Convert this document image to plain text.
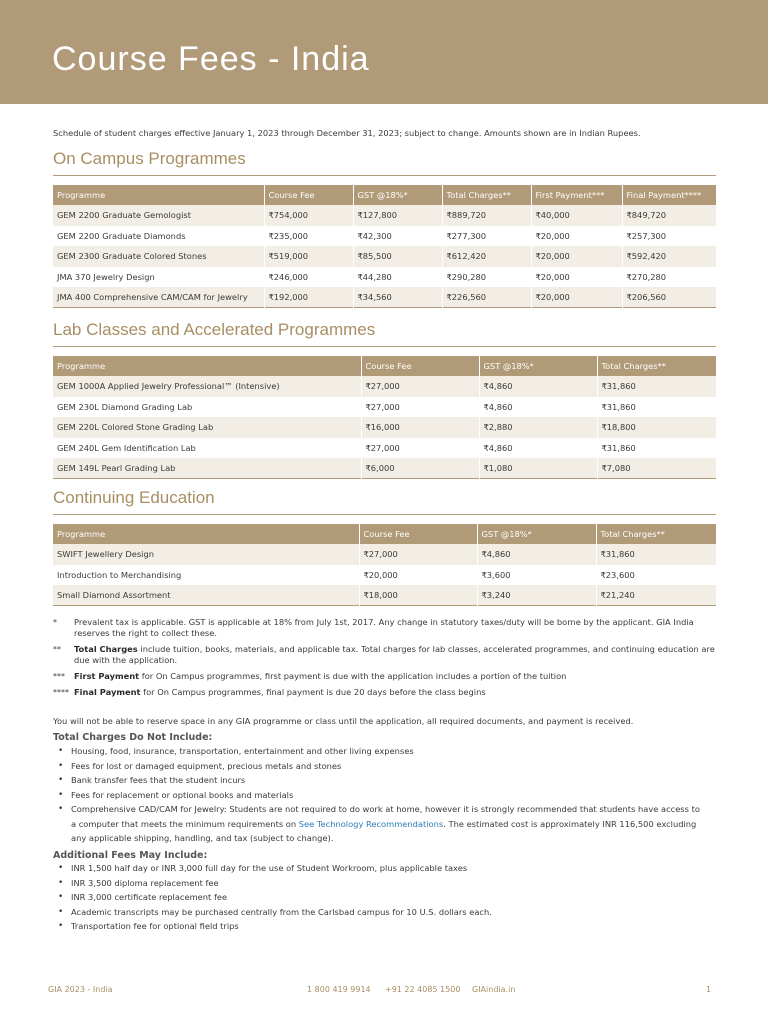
Course Fees - India
Schedule of student charges effective January 1, 2023 through December 31, 2023; subject to change. Amounts shown are in Indian Rupees.
On Campus Programmes
Programme	Course Fee	GST @18%*	Total Charges**	First Payment***	Final Payment****
GEM 2200 Graduate Gemologist	₹754,000	₹127,800	₹889,720	₹40,000	₹849,720
GEM 2200 Graduate Diamonds	₹235,000	₹42,300	₹277,300	₹20,000	₹257,300
GEM 2300 Graduate Colored Stones	₹519,000	₹85,500	₹612,420	₹20,000	₹592,420
JMA 370 Jewelry Design	₹246,000	₹44,280	₹290,280	₹20,000	₹270,280
JMA 400 Comprehensive CAM/CAM for Jewelry	₹192,000	₹34,560	₹226,560	₹20,000	₹206,560
Lab Classes and Accelerated Programmes
Programme	Course Fee	GST @18%*	Total Charges**
GEM 1000A Applied Jewelry Professional™ (Intensive)	₹27,000	₹4,860	₹31,860
GEM 230L Diamond Grading Lab	₹27,000	₹4,860	₹31,860
GEM 220L Colored Stone Grading Lab	₹16,000	₹2,880	₹18,800
GEM 240L Gem Identification Lab	₹27,000	₹4,860	₹31,860
GEM 149L Pearl Grading Lab	₹6,000	₹1,080	₹7,080
Continuing Education
Programme	Course Fee	GST @18%*	Total Charges**
SWIFT Jewellery Design	₹27,000	₹4,860	₹31,860
Introduction to Merchandising	₹20,000	₹3,600	₹23,600
Small Diamond Assortment	₹18,000	₹3,240	₹21,240
*	Prevalent tax is applicable. GST is applicable at 18% from July 1st, 2017. Any change in statutory taxes/duty will be borne by the applicant. GIA India reserves the right to collect these.
**	Total Charges include tuition, books, materials, and applicable tax. Total charges for lab classes, accelerated programmes, and continuing education are due with the application.
***	First Payment for On Campus programmes, first payment is due with the application includes a portion of the tuition
**** Final Payment for On Campus programmes, final payment is due 20 days before the class begins
You will not be able to reserve space in any GIA programme or class until the application, all required documents, and payment is received.
Total Charges Do Not Include:
• Housing, food, insurance, transportation, entertainment and other living expenses
• Fees for lost or damaged equipment, precious metals and stones
• Bank transfer fees that the student incurs
• Fees for replacement or optional books and materials
• Comprehensive CAD/CAM for Jewelry: Students are not required to do work at home, however it is strongly recommended that students have access to
a computer that meets the minimum requirements on See Technology Recommendations. The estimated cost is approximately INR 116,500 excluding
any applicable shipping, handling, and tax (subject to change).
Additional Fees May Include:
• INR 1,500 half day or INR 3,000 full day for the use of Student Workroom, plus applicable taxes
• INR 3,500 diploma replacement fee
• INR 3,000 certificate replacement fee
• Academic transcripts may be purchased centrally from the Carlsbad campus for 10 U.S. dollars each.
• Transportation fee for optional field trips
GIA 2023 - India	1 800 419 9914 +91 22 4085 1500 GIAindia.in	1
